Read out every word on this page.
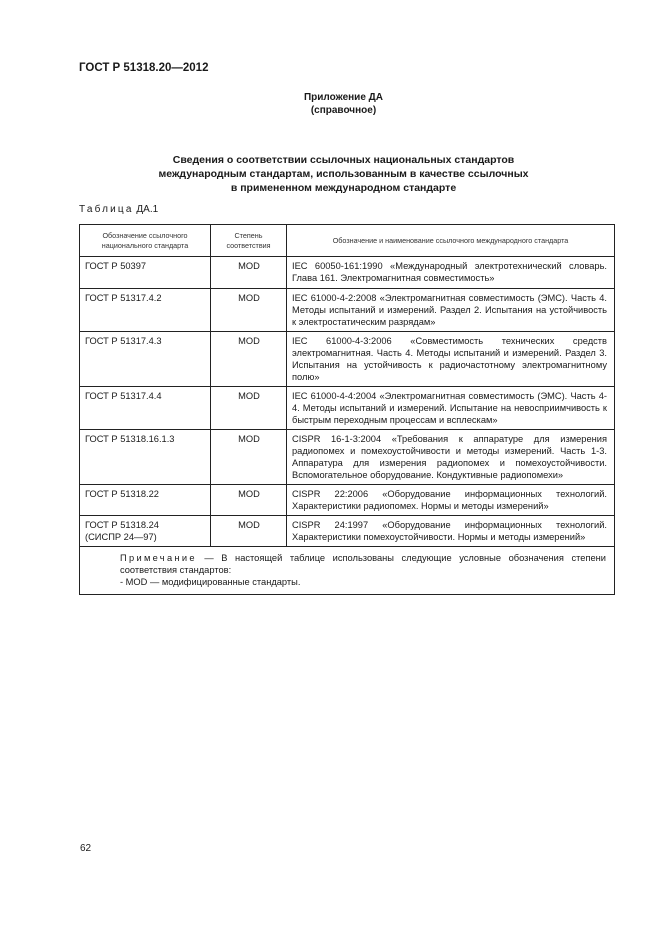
ГОСТ Р 51318.20—2012
Приложение ДА
(справочное)
Сведения о соответствии ссылочных национальных стандартов
международным стандартам, использованным в качестве ссылочных
в примененном международном стандарте
Таблица ДА.1
Обозначение ссылочного национального стандарта	Степень соответствия	Обозначение и наименование ссылочного международного стандарта
ГОСТ Р 50397	MOD	IEC 60050-161:1990 «Международный электротехнический словарь. Глава 161. Электромагнитная совместимость»
ГОСТ Р 51317.4.2	MOD	IEC 61000-4-2:2008 «Электромагнитная совместимость (ЭМС). Часть 4. Методы испытаний и измерений. Раздел 2. Испытания на устойчивость к электростатическим разрядам»
ГОСТ Р 51317.4.3	MOD	IEC 61000-4-3:2006 «Совместимость технических средств электромагнитная. Часть 4. Методы испытаний и измерений. Раздел 3. Испытания на устойчивость к радиочастотному электромагнитному полю»
ГОСТ Р 51317.4.4	MOD	IEC 61000-4-4:2004 «Электромагнитная совместимость (ЭМС). Часть 4-4. Методы испытаний и измерений. Испытание на невосприимчивость к быстрым переходным процессам и всплескам»
ГОСТ Р 51318.16.1.3	MOD	CISPR 16-1-3:2004 «Требования к аппаратуре для измерения радиопомех и помехоустойчивости и методы измерений. Часть 1-3. Аппаратура для измерения радиопомех и помехоустойчивости. Вспомогательное оборудование. Кондуктивные радиопомехи»
ГОСТ Р 51318.22	MOD	CISPR 22:2006 «Оборудование информационных технологий. Характеристики радиопомех. Нормы и методы измерений»

ГОСТ Р 51318.24
(СИСПР 24—97)	MOD	CISPR 24:1997 «Оборудование информационных технологий. Характеристики помехоустойчивости. Нормы и методы измерений»
Примечание — В настоящей таблице использованы следующие условные обозначения степени соответствия стандартов:
- MOD — модифицированные стандарты.		
62
